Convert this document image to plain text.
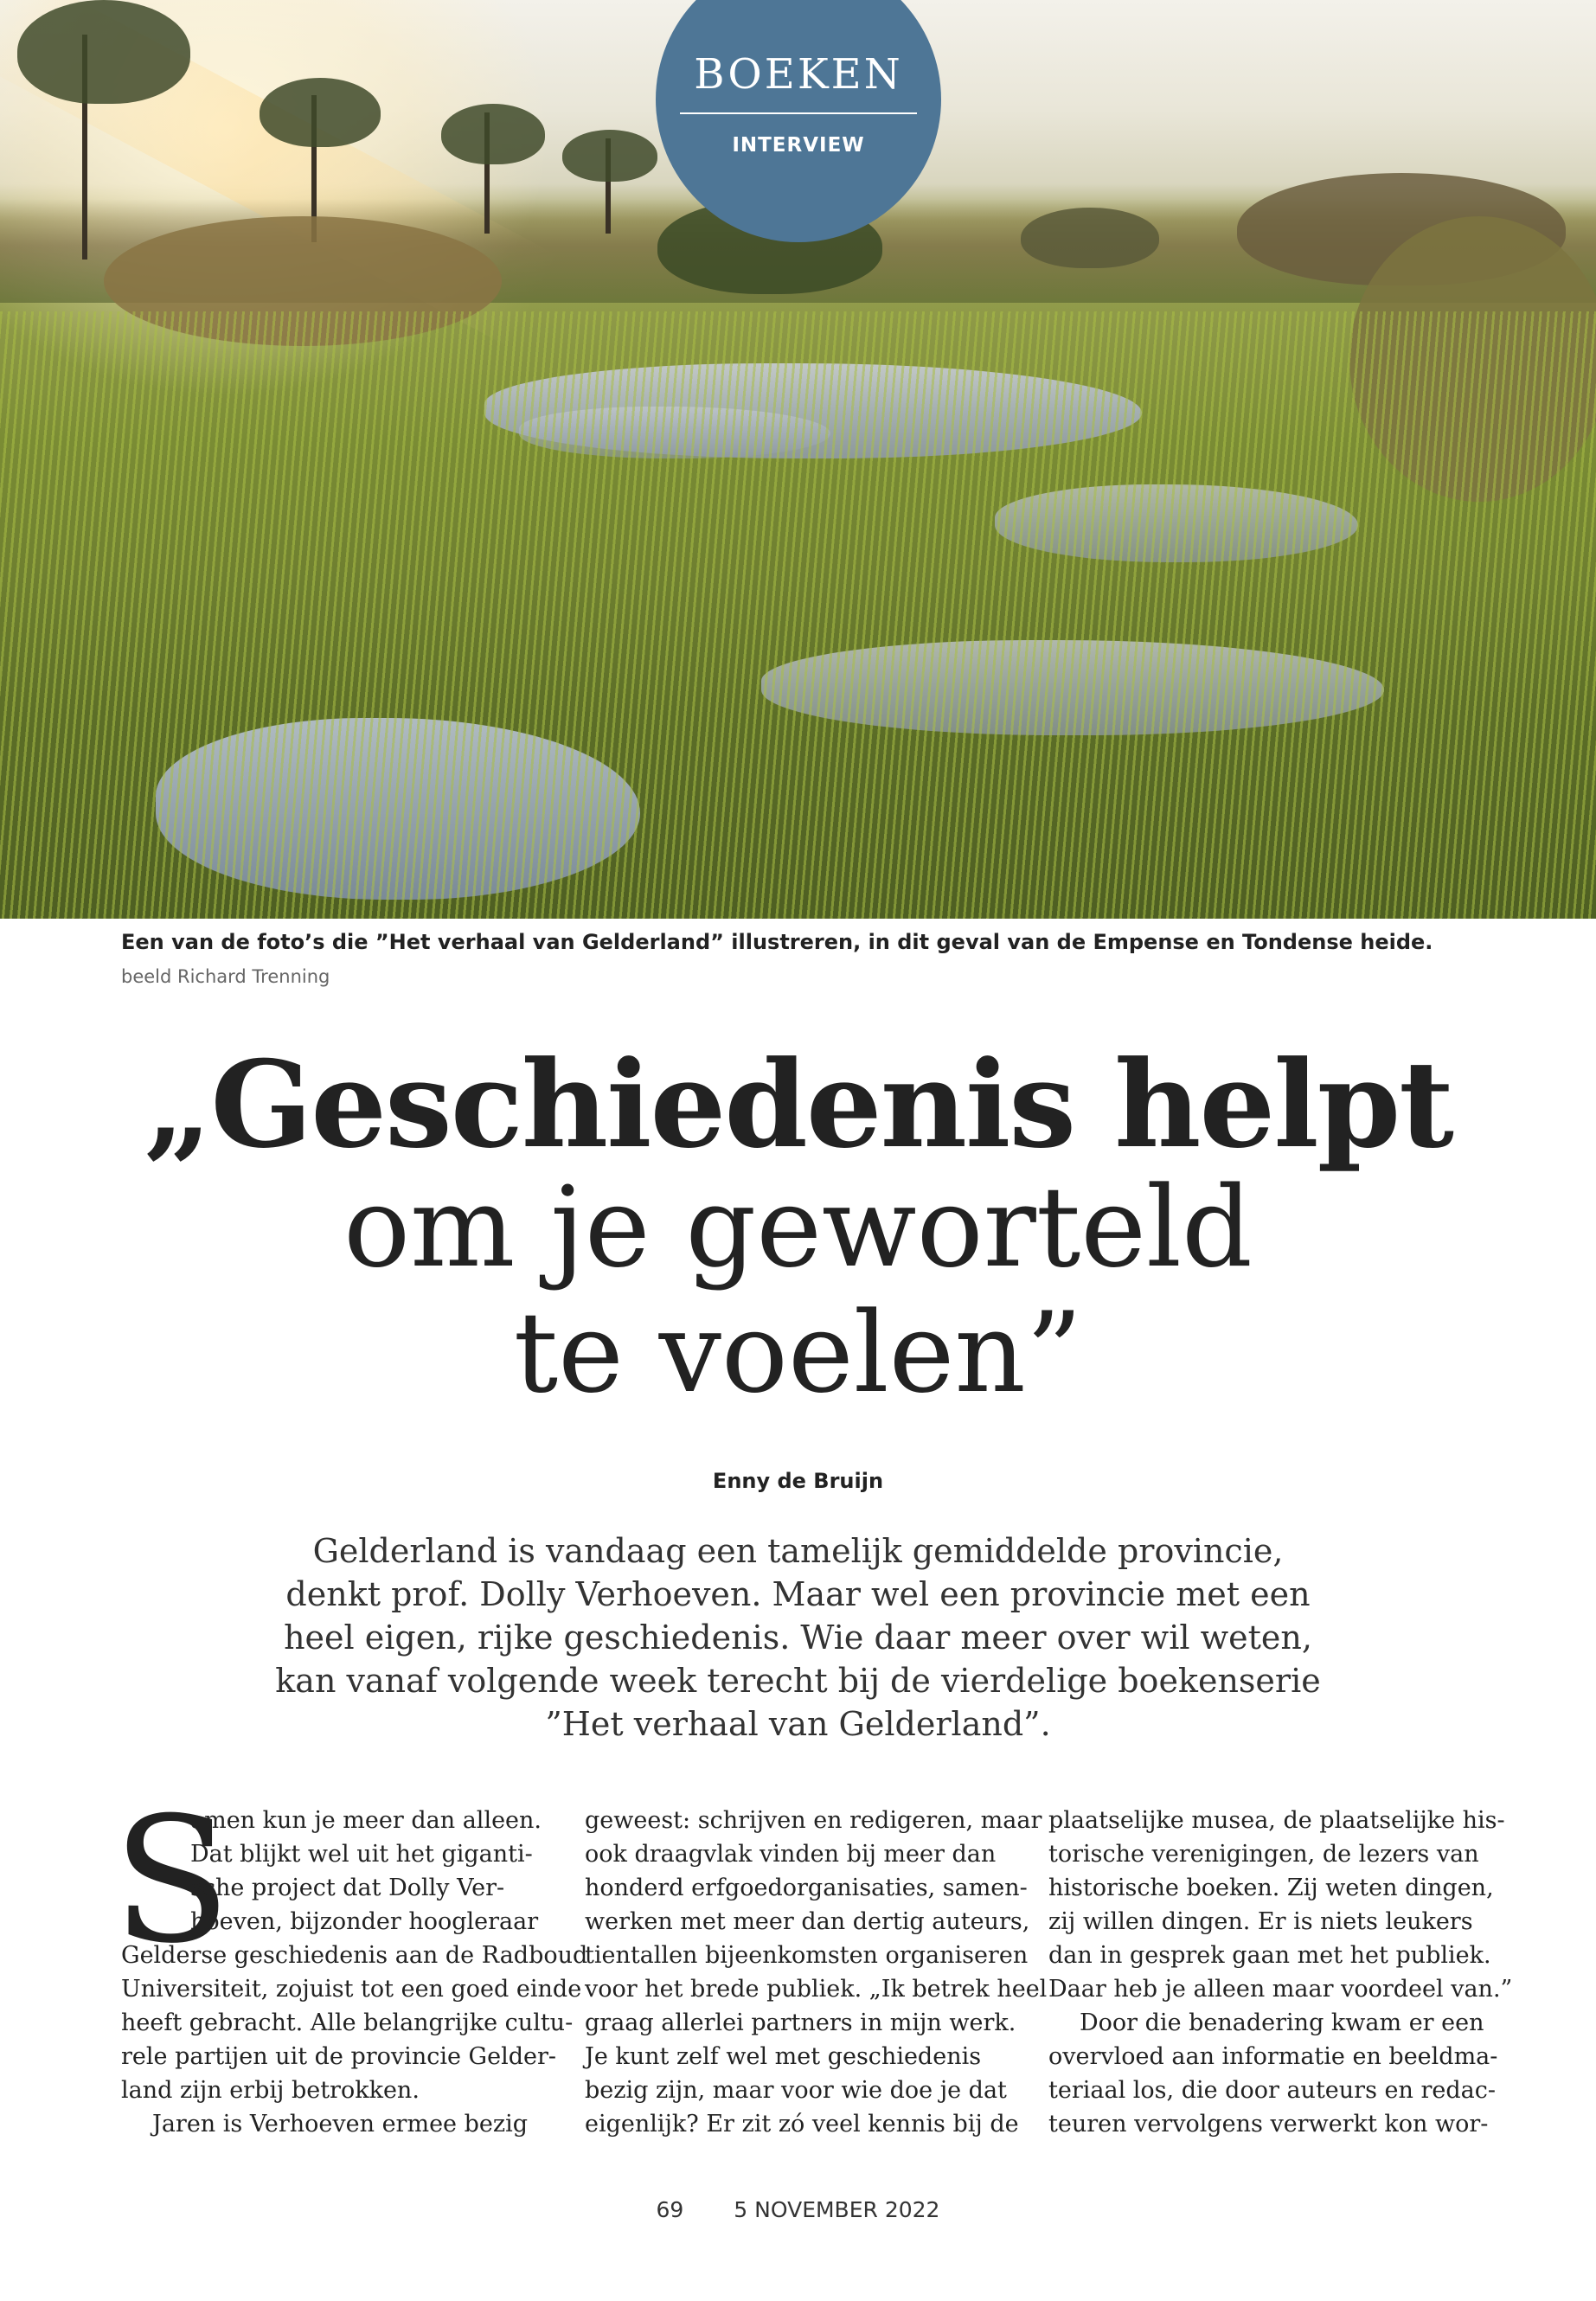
BOEKEN
INTERVIEW
Een van de foto’s die ”Het verhaal van Gelderland” illustreren, in dit geval van de Empense en Tondense heide.
beeld Richard Trenning
„Geschiedenis helpt
om je geworteld
te voelen”
Enny de Bruijn
Gelderland is vandaag een tamelijk gemiddelde provincie,
denkt prof. Dolly Verhoeven. Maar wel een provincie met een
heel eigen, rijke geschiedenis. Wie daar meer over wil weten,
kan vanaf volgende week terecht bij de vierdelige boekenserie
”Het verhaal van Gelderland”.
S
amen kun je meer dan alleen.
Dat blijkt wel uit het giganti-
sche project dat Dolly Ver-
hoeven, bijzonder hoogleraar
Gelderse geschiedenis aan de Radboud
Universiteit, zojuist tot een goed einde
heeft gebracht. Alle belangrijke cultu-
rele partijen uit de provincie Gelder-
land zijn erbij betrokken.
Jaren is Verhoeven ermee bezig
geweest: schrijven en redigeren, maar
ook draagvlak vinden bij meer dan
honderd erfgoedorganisaties, samen-
werken met meer dan dertig auteurs,
tientallen bijeenkomsten organiseren
voor het brede publiek. „Ik betrek heel
graag allerlei partners in mijn werk.
Je kunt zelf wel met geschiedenis
bezig zijn, maar voor wie doe je dat
eigenlijk? Er zit zó veel kennis bij de
plaatselijke musea, de plaatselijke his-
torische verenigingen, de lezers van
historische boeken. Zij weten dingen,
zij willen dingen. Er is niets leukers
dan in gesprek gaan met het publiek.
Daar heb je alleen maar voordeel van.”
Door die benadering kwam er een
overvloed aan informatie en beeldma-
teriaal los, die door auteurs en redac-
teuren vervolgens verwerkt kon wor-
69 5 NOVEMBER 2022
